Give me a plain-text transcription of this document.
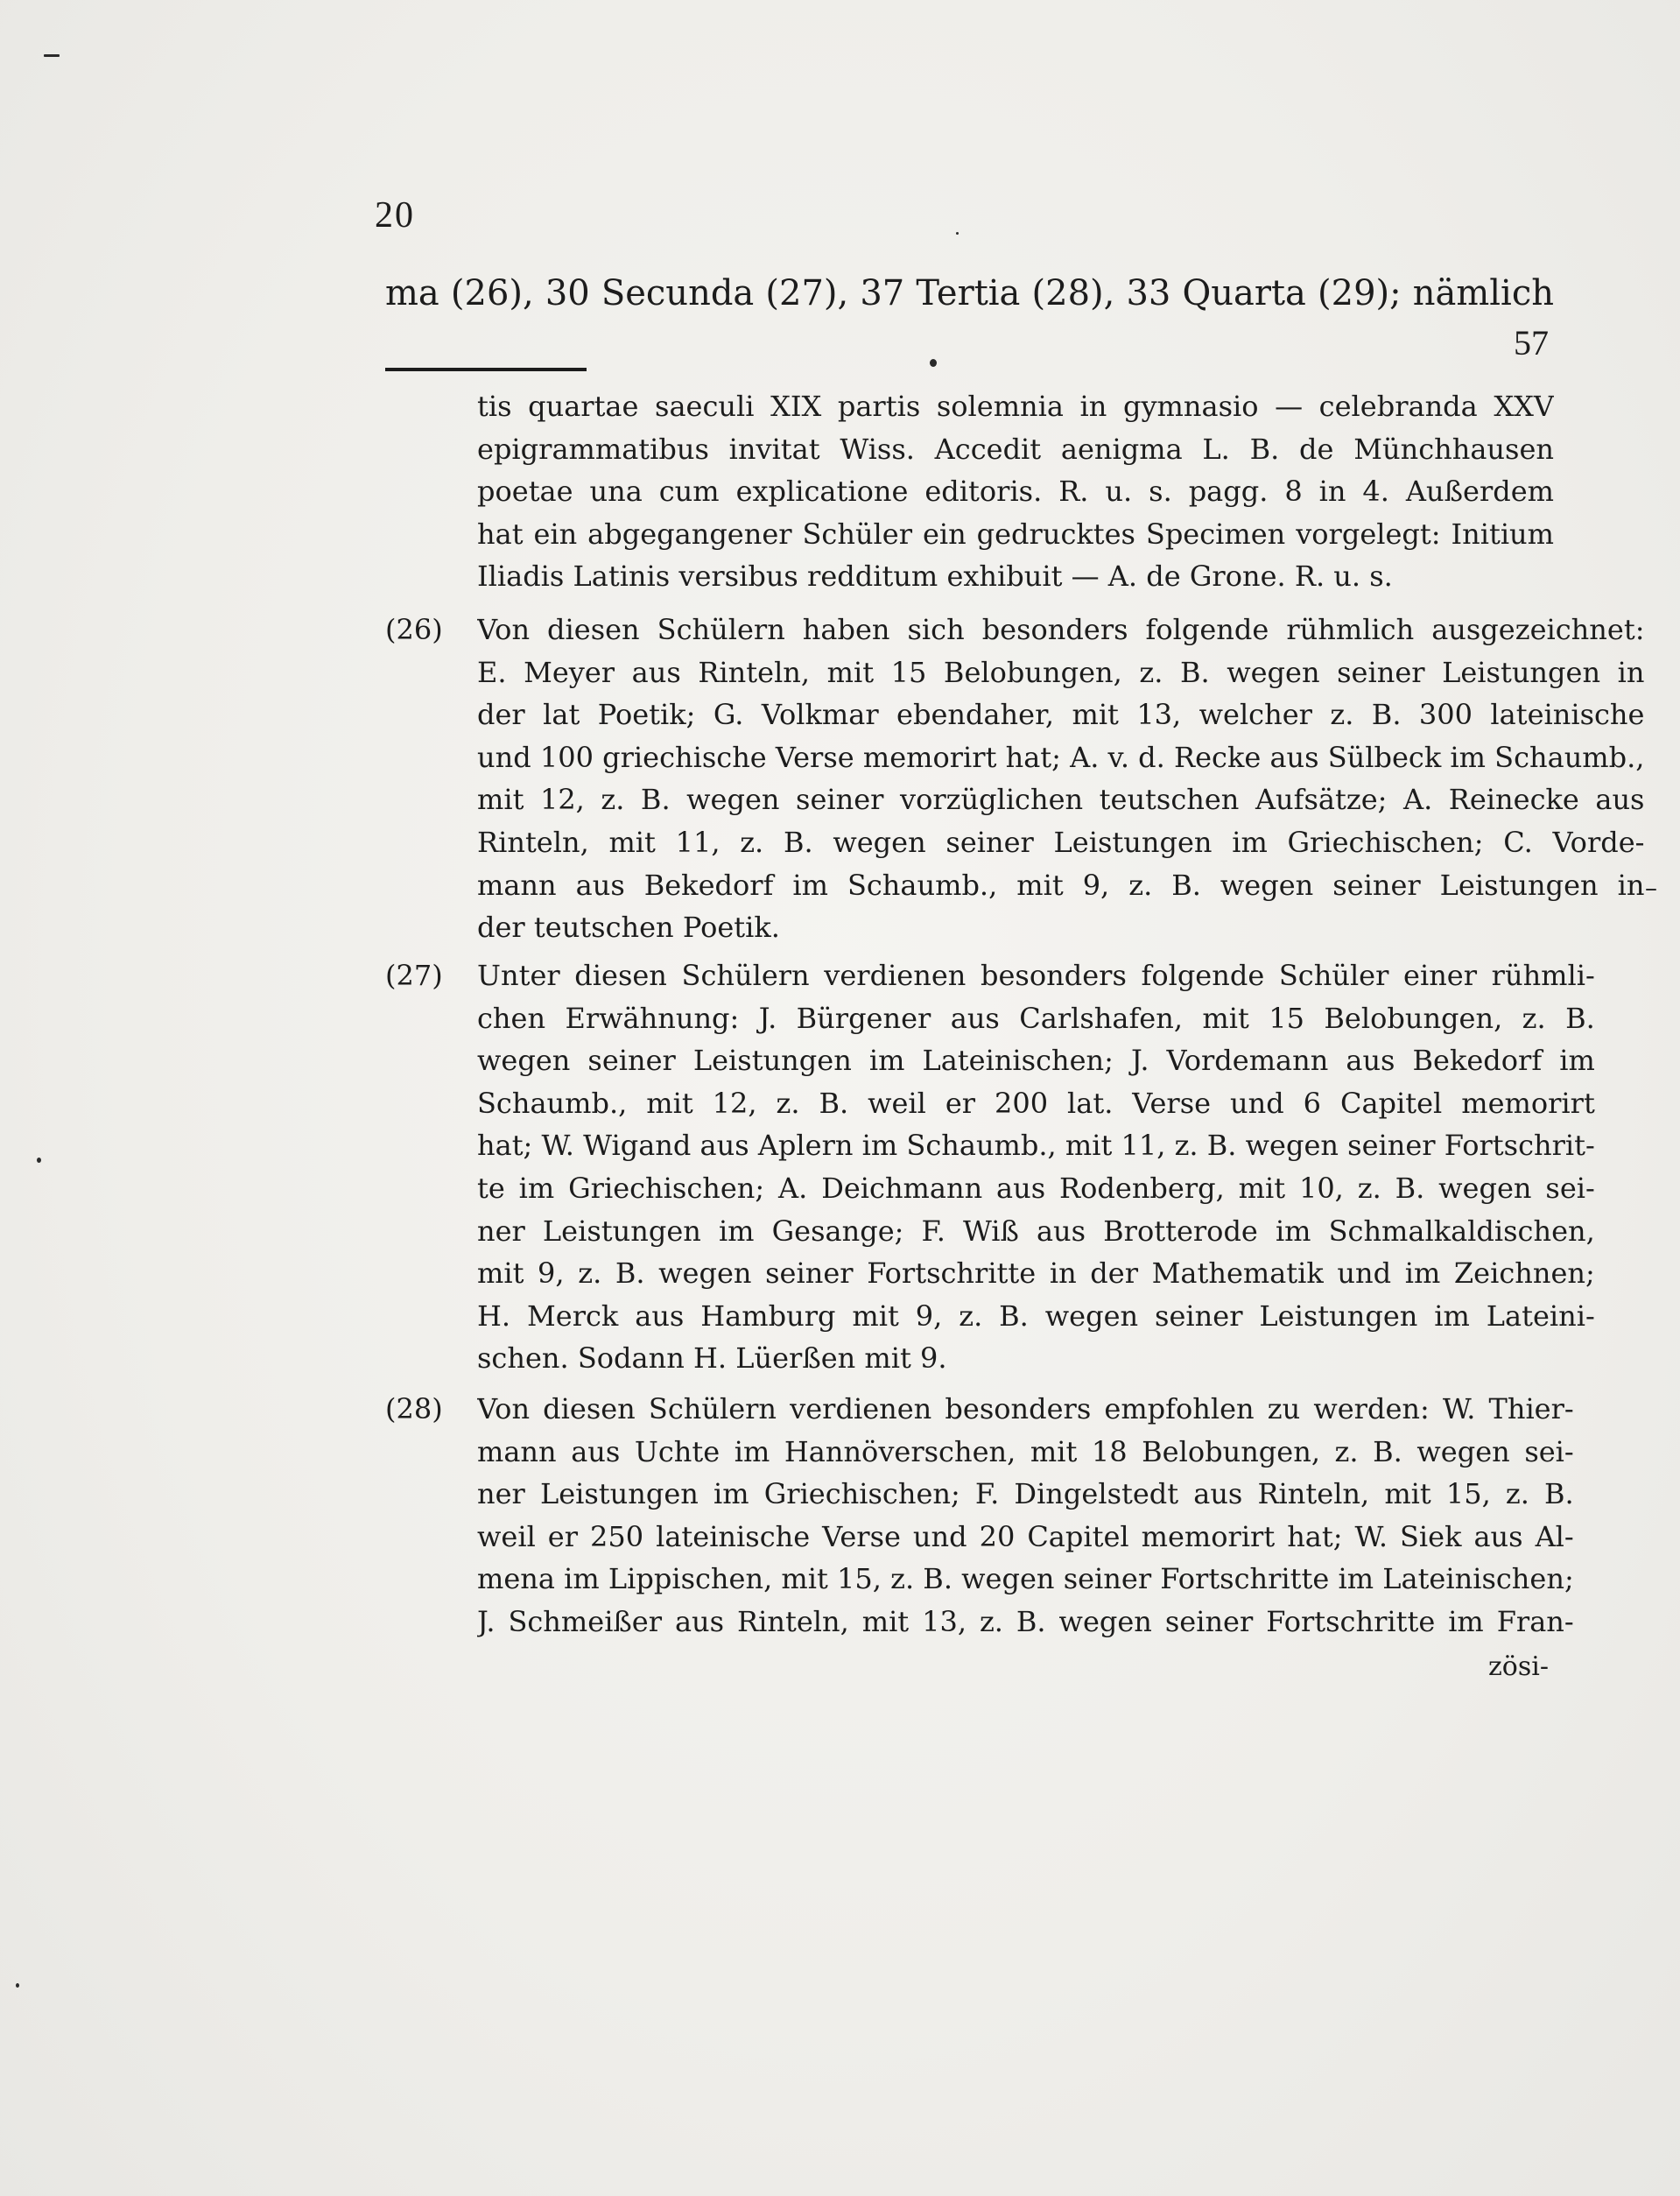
20
ma (26), 30 Secunda (27), 37 Tertia (28), 33 Quarta (29); nämlich
57
tis quartae saeculi XIX partis solemnia in gymnasio — celebranda XXV
epigrammatibus invitat Wiss. Accedit aenigma L. B. de Münchhausen
poetae una cum explicatione editoris. R. u. s. pagg. 8 in 4. Außerdem
hat ein abgegangener Schüler ein gedrucktes Specimen vorgelegt: Initium
Iliadis Latinis versibus redditum exhibuit — A. de Grone. R. u. s.
(26)	Von diesen Schülern haben sich besonders folgende rühmlich ausgezeichnet:
E. Meyer aus Rinteln, mit 15 Belobungen, z. B. wegen seiner Leistungen in
der lat Poetik; G. Volkmar ebendaher, mit 13, welcher z. B. 300 lateinische
und 100 griechische Verse memorirt hat; A. v. d. Recke aus Sülbeck im Schaumb.,
mit 12, z. B. wegen seiner vorzüglichen teutschen Aufsätze; A. Reinecke aus
Rinteln, mit 11, z. B. wegen seiner Leistungen im Griechischen; C. Vorde-
mann aus Bekedorf im Schaumb., mit 9, z. B. wegen seiner Leistungen in
der teutschen Poetik.
(27)	Unter diesen Schülern verdienen besonders folgende Schüler einer rühmli-
chen Erwähnung: J. Bürgener aus Carlshafen, mit 15 Belobungen, z. B.
wegen seiner Leistungen im Lateinischen; J. Vordemann aus Bekedorf im
Schaumb., mit 12, z. B. weil er 200 lat. Verse und 6 Capitel memorirt
hat; W. Wigand aus Aplern im Schaumb., mit 11, z. B. wegen seiner Fortschrit-
te im Griechischen; A. Deichmann aus Rodenberg, mit 10, z. B. wegen sei-
ner Leistungen im Gesange; F. Wiß aus Brotterode im Schmalkaldischen,
mit 9, z. B. wegen seiner Fortschritte in der Mathematik und im Zeichnen;
H. Merck aus Hamburg mit 9, z. B. wegen seiner Leistungen im Lateini-
schen. Sodann H. Lüerßen mit 9.
(28)	Von diesen Schülern verdienen besonders empfohlen zu werden: W. Thier-
mann aus Uchte im Hannöverschen, mit 18 Belobungen, z. B. wegen sei-
ner Leistungen im Griechischen; F. Dingelstedt aus Rinteln, mit 15, z. B.
weil er 250 lateinische Verse und 20 Capitel memorirt hat; W. Siek aus Al-
mena im Lippischen, mit 15, z. B. wegen seiner Fortschritte im Lateinischen;
J. Schmeißer aus Rinteln, mit 13, z. B. wegen seiner Fortschritte im Fran-
zösi-
